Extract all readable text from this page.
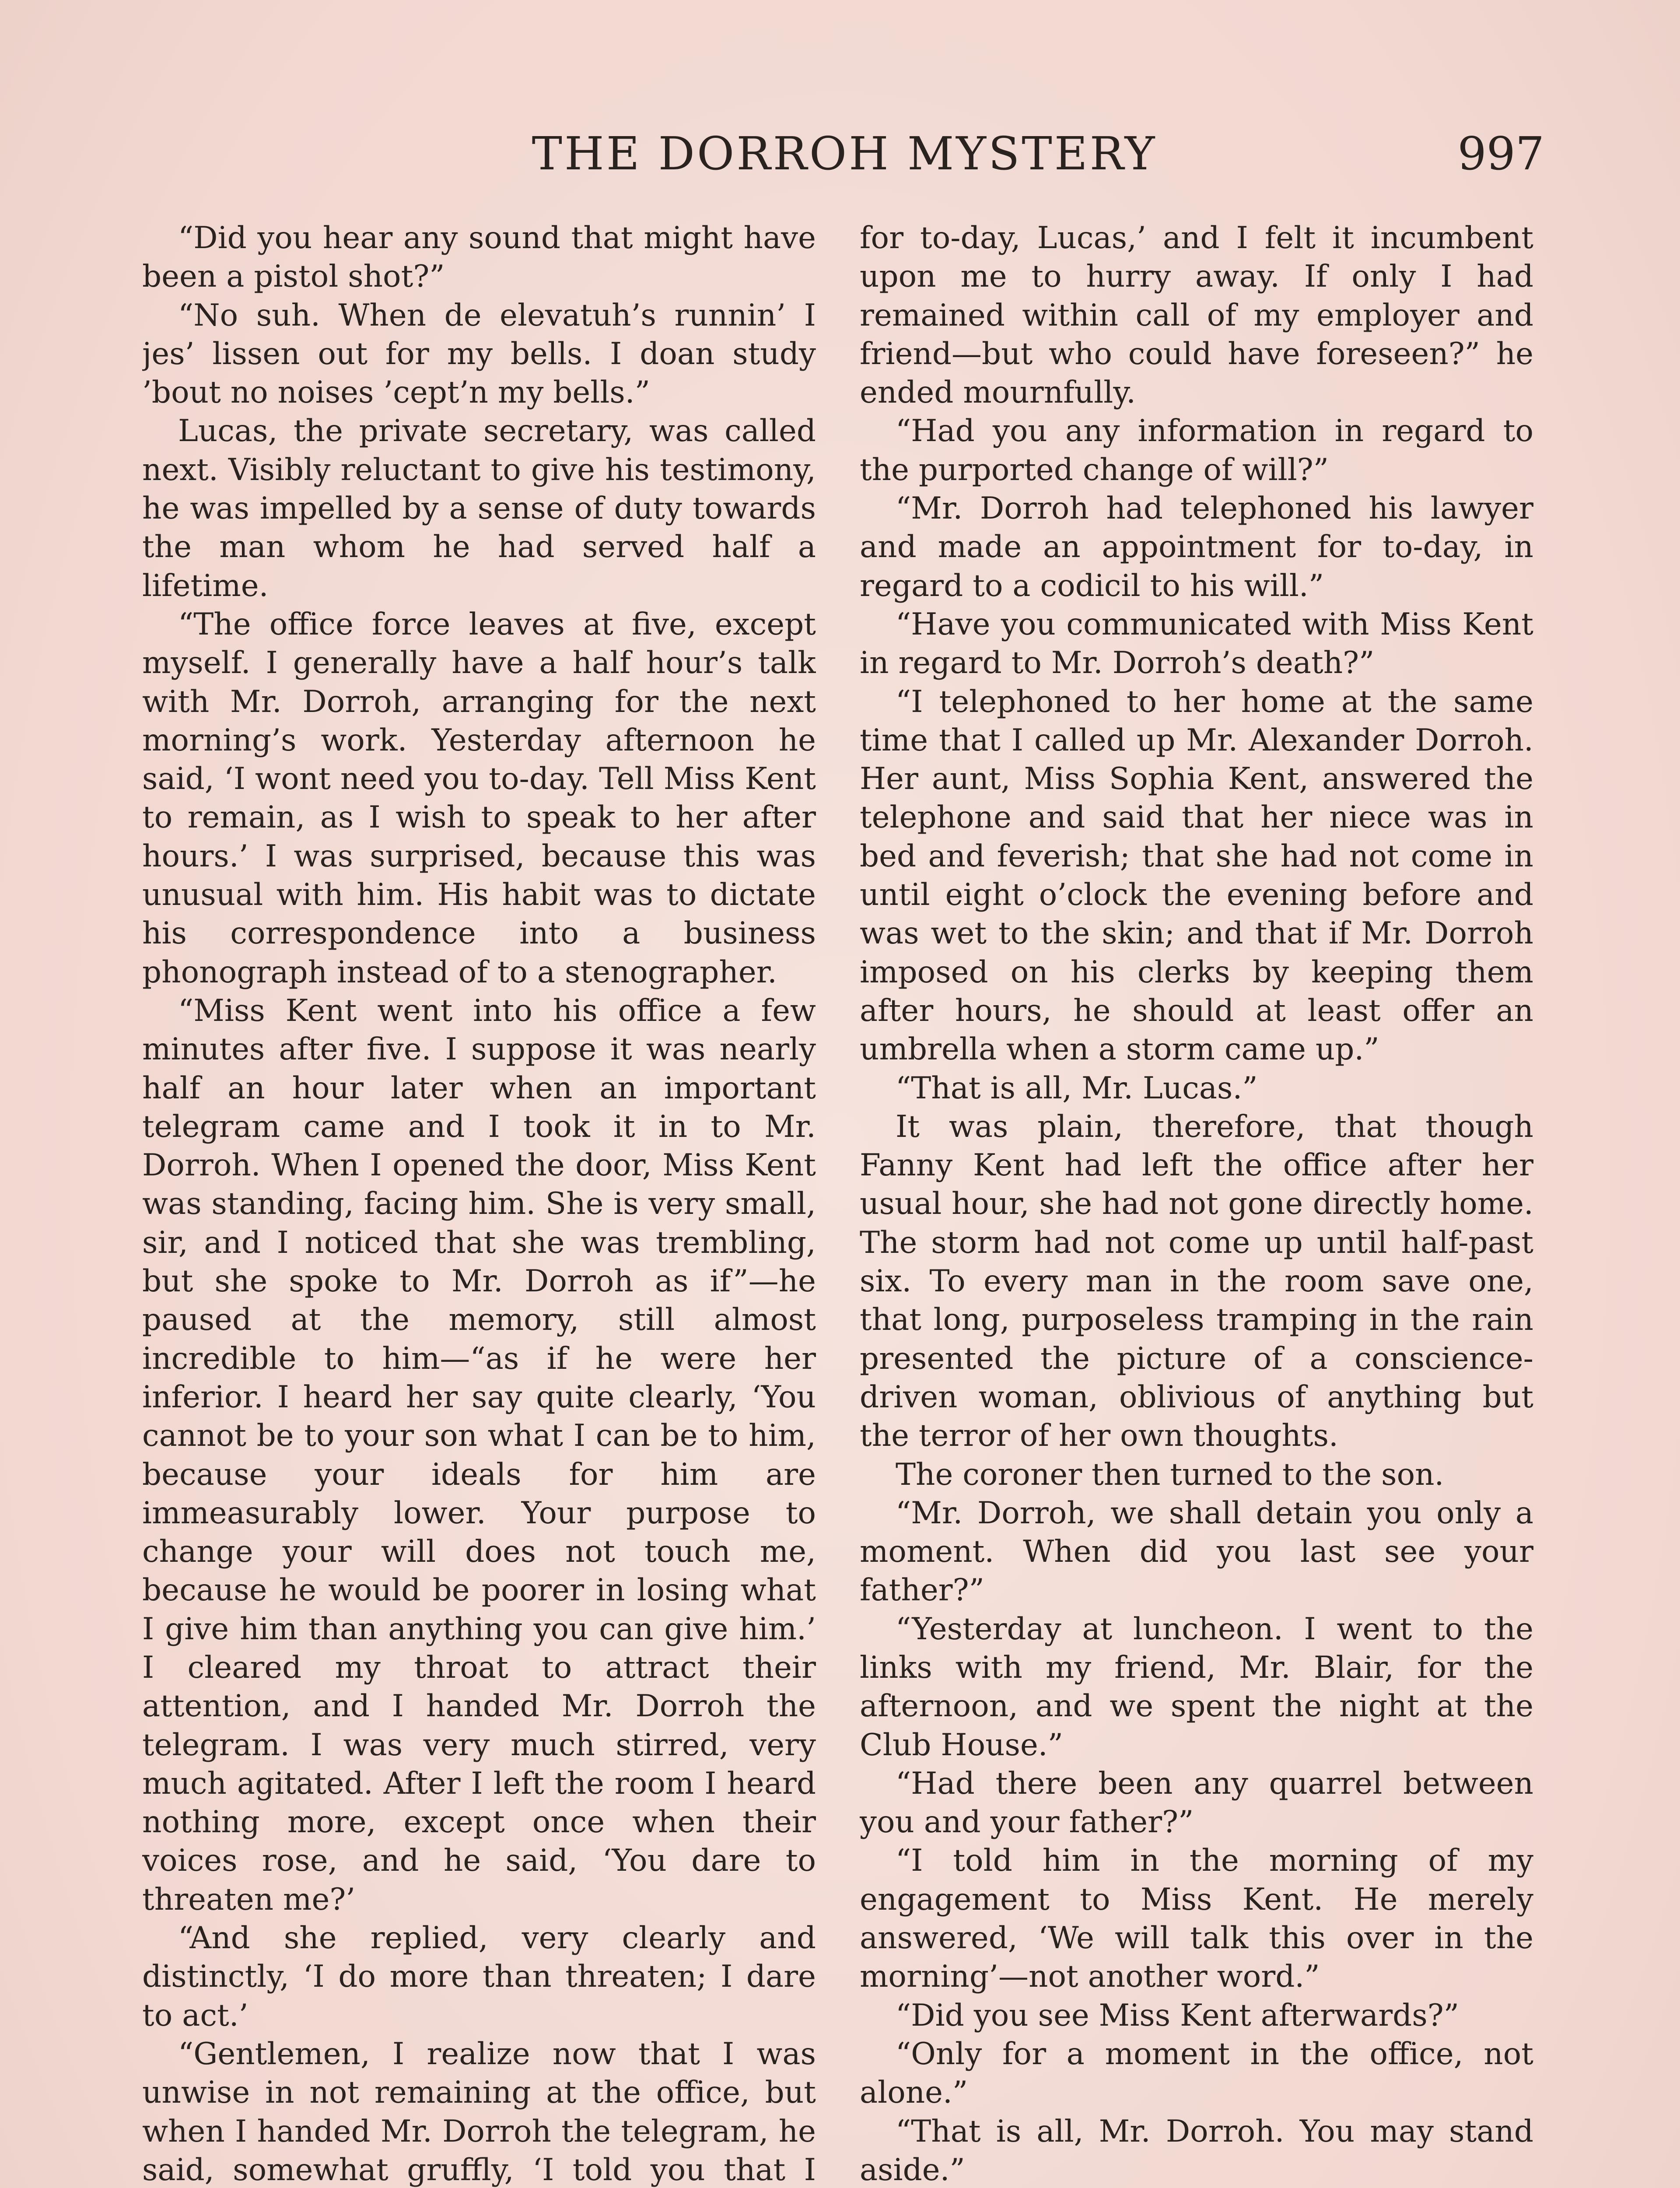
THE DORROH MYSTERY	997

“Did you hear any sound that might have been a pistol shot?”

“No suh. When de elevatuh’s runnin’ I jes’ lissen out for my bells. I doan study ’bout no noises ’cept’n my bells.”

Lucas, the private secretary, was called next. Visibly reluctant to give his testimony, he was impelled by a sense of duty towards the man whom he had served half a lifetime.

“The office force leaves at five, except myself. I generally have a half hour’s talk with Mr. Dorroh, arranging for the next morning’s work. Yesterday afternoon he said, ‘I wont need you to-day. Tell Miss Kent to remain, as I wish to speak to her after hours.’ I was surprised, because this was unusual with him. His habit was to dictate his correspondence into a business phonograph instead of to a stenographer.

“Miss Kent went into his office a few minutes after five. I suppose it was nearly half an hour later when an important telegram came and I took it in to Mr. Dorroh. When I opened the door, Miss Kent was standing, facing him. She is very small, sir, and I noticed that she was trembling, but she spoke to Mr. Dorroh as if”—he paused at the memory, still almost incredible to him—“as if he were her inferior. I heard her say quite clearly, ‘You cannot be to your son what I can be to him, because your ideals for him are immeasurably lower. Your purpose to change your will does not touch me, because he would be poorer in losing what I give him than anything you can give him.’ I cleared my throat to attract their attention, and I handed Mr. Dorroh the telegram. I was very much stirred, very much agitated. After I left the room I heard nothing more, except once when their voices rose, and he said, ‘You dare to threaten me?’

“And she replied, very clearly and distinctly, ‘I do more than threaten; I dare to act.’

“Gentlemen, I realize now that I was unwise in not remaining at the office, but when I handed Mr. Dorroh the telegram, he said, somewhat gruffly, ‘I told you that I

for to-day, Lucas,’ and I felt it incumbent upon me to hurry away. If only I had remained within call of my employer and friend—but who could have foreseen?” he ended mournfully.

“Had you any information in regard to the purported change of will?”

“Mr. Dorroh had telephoned his lawyer and made an appointment for to-day, in regard to a codicil to his will.”

“Have you communicated with Miss Kent in regard to Mr. Dorroh’s death?”

“I telephoned to her home at the same time that I called up Mr. Alexander Dorroh. Her aunt, Miss Sophia Kent, answered the telephone and said that her niece was in bed and feverish; that she had not come in until eight o’clock the evening before and was wet to the skin; and that if Mr. Dorroh imposed on his clerks by keeping them after hours, he should at least offer an umbrella when a storm came up.”

“That is all, Mr. Lucas.”

It was plain, therefore, that though Fanny Kent had left the office after her usual hour, she had not gone directly home. The storm had not come up until half-past six. To every man in the room save one, that long, purposeless tramping in the rain presented the picture of a conscience-driven woman, oblivious of anything but the terror of her own thoughts.

The coroner then turned to the son.

“Mr. Dorroh, we shall detain you only a moment. When did you last see your father?”

“Yesterday at luncheon. I went to the links with my friend, Mr. Blair, for the afternoon, and we spent the night at the Club House.”

“Had there been any quarrel between you and your father?”

“I told him in the morning of my engagement to Miss Kent. He merely answered, ‘We will talk this over in the morning’—not another word.”

“Did you see Miss Kent afterwards?”

“Only for a moment in the office, not alone.”

“That is all, Mr. Dorroh. You may stand aside.”
